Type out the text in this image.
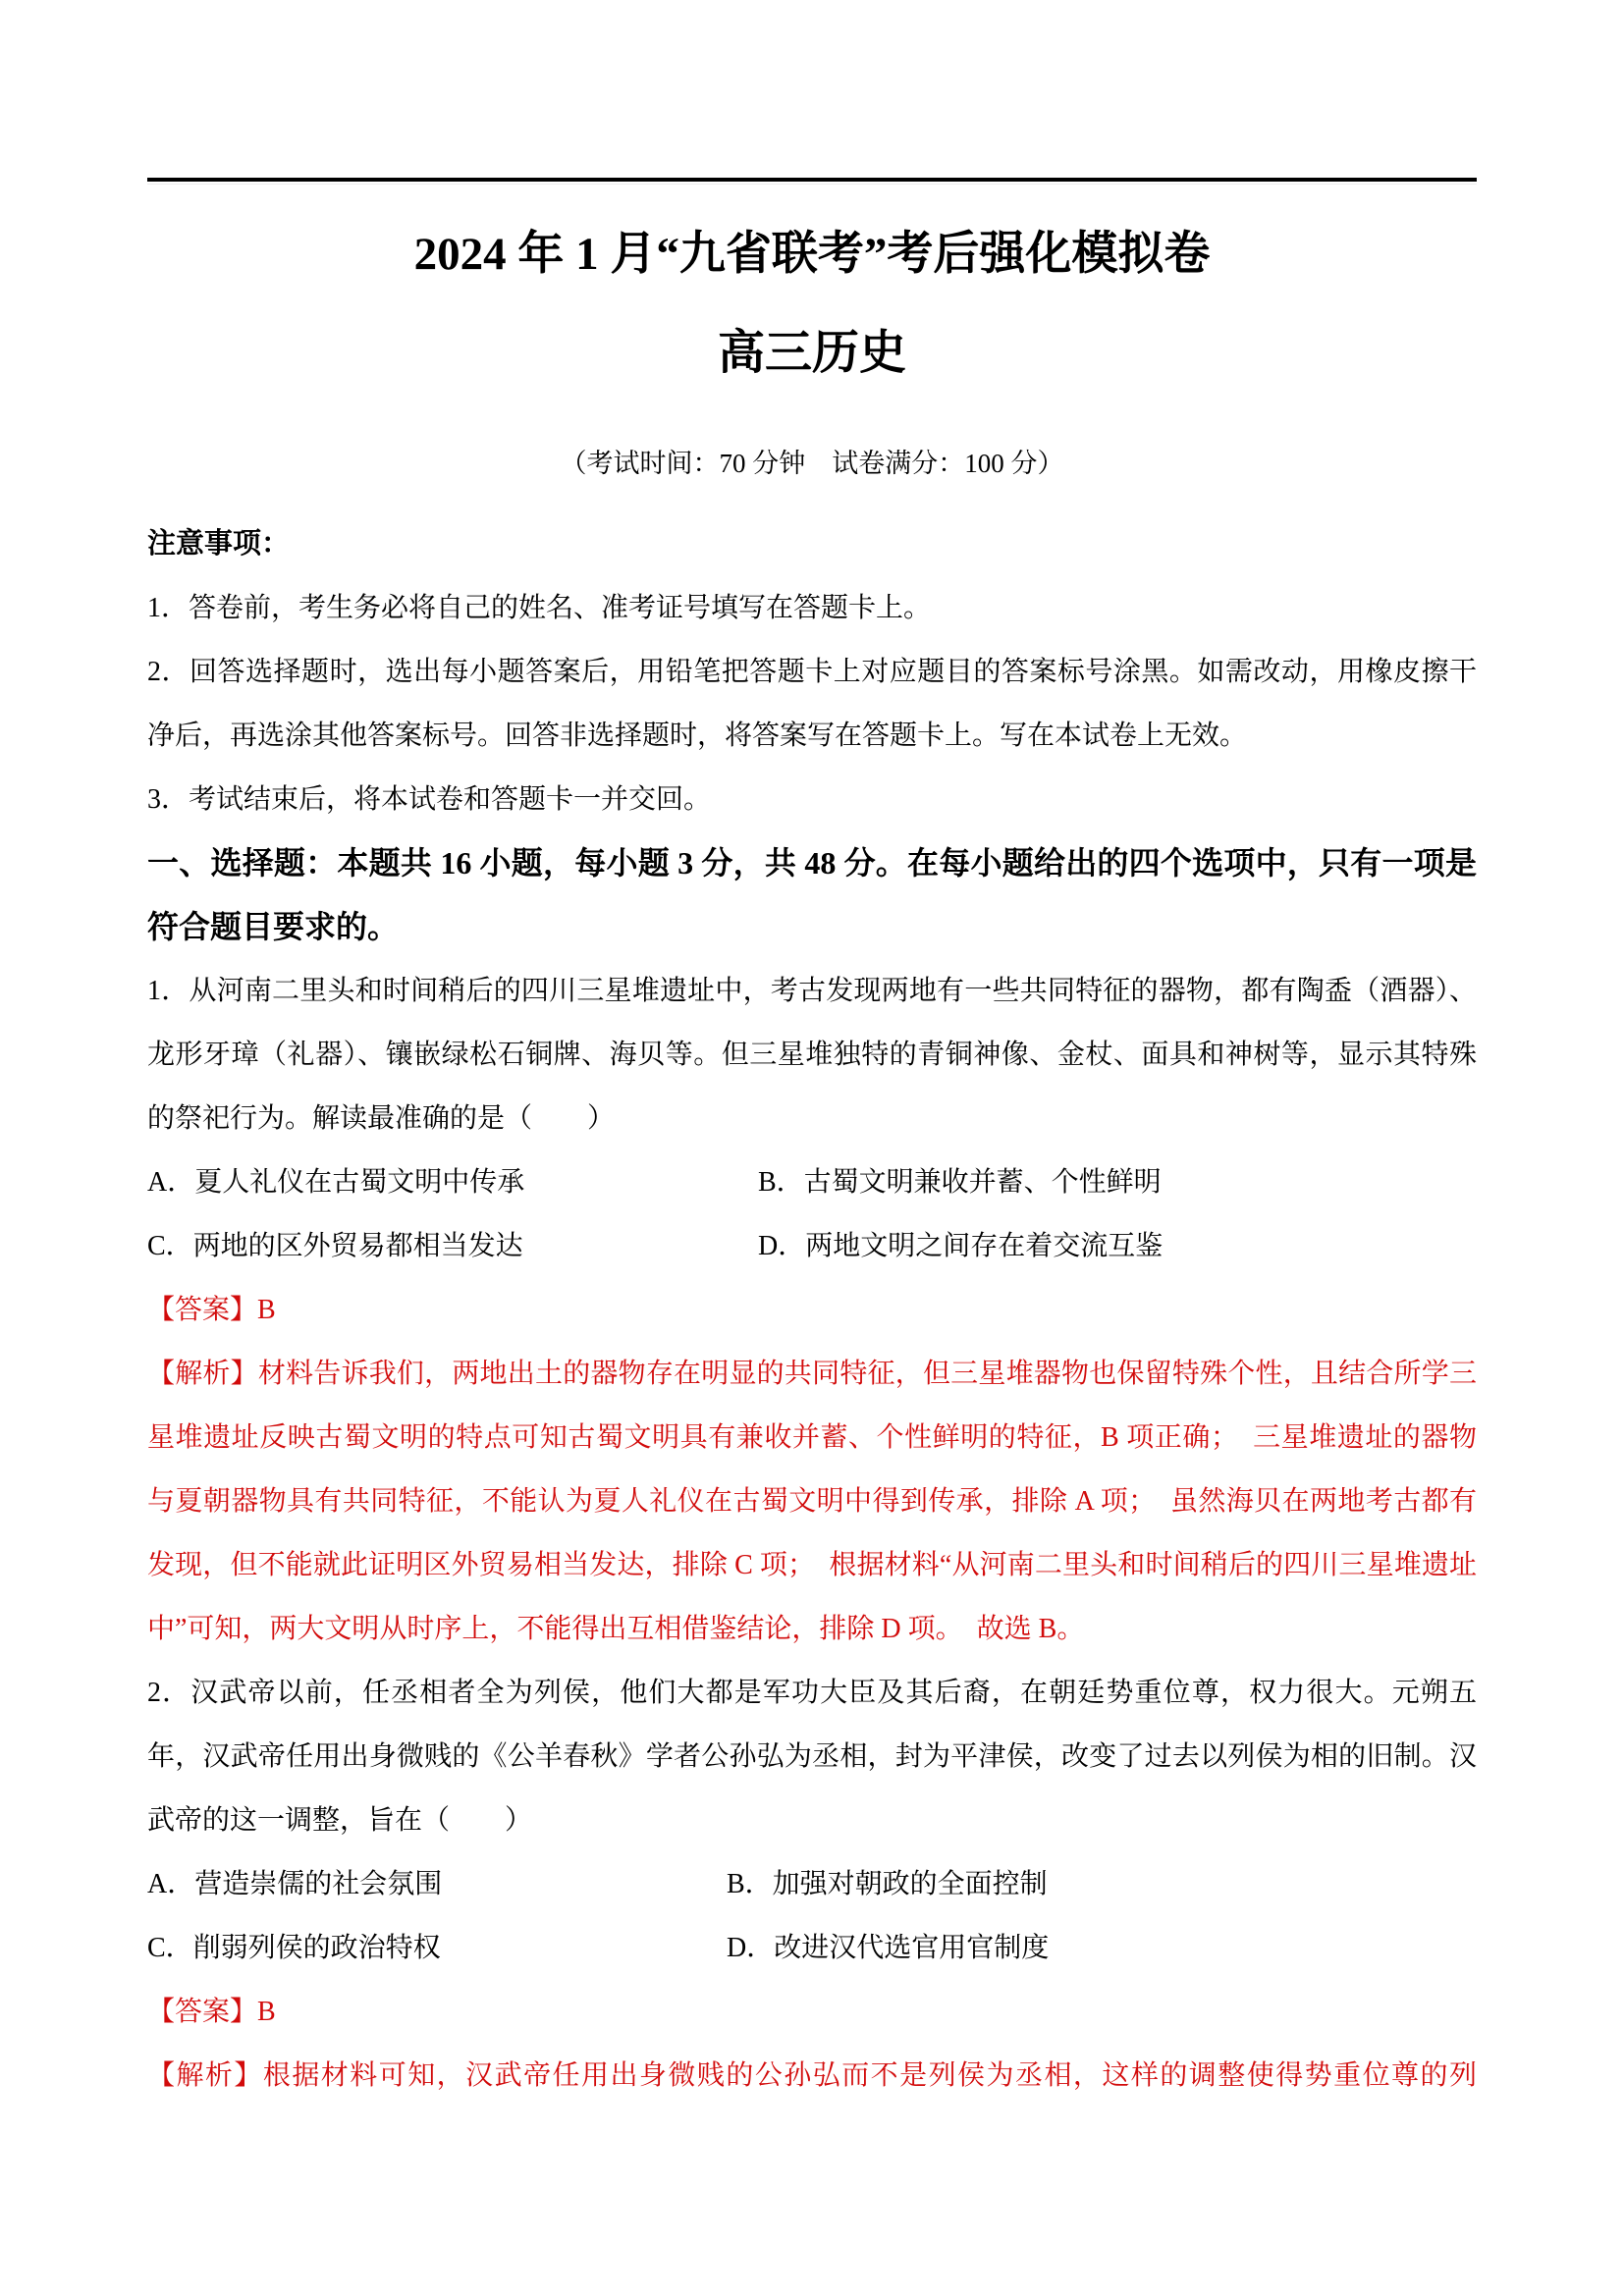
2024 年 1 月“九省联考”考后强化模拟卷
高三历史

（考试时间：70 分钟　试卷满分：100 分）

注意事项：

1．答卷前，考生务必将自己的姓名、准考证号填写在答题卡上。

2．回答选择题时，选出每小题答案后，用铅笔把答题卡上对应题目的答案标号涂黑。如需改动，用橡皮擦干净后，再选涂其他答案标号。回答非选择题时，将答案写在答题卡上。写在本试卷上无效。

3．考试结束后，将本试卷和答题卡一并交回。

一、选择题：本题共 16 小题，每小题 3 分，共 48 分。在每小题给出的四个选项中，只有一项是符合题目要求的。

1．从河南二里头和时间稍后的四川三星堆遗址中，考古发现两地有一些共同特征的器物，都有陶盉（酒器）、龙形牙璋（礼器）、镶嵌绿松石铜牌、海贝等。但三星堆独特的青铜神像、金杖、面具和神树等，显示其特殊的祭祀行为。解读最准确的是（　　）

A．夏人礼仪在古蜀文明中传承	B．古蜀文明兼收并蓄、个性鲜明
C．两地的区外贸易都相当发达	D．两地文明之间存在着交流互鉴

【答案】B

【解析】材料告诉我们，两地出土的器物存在明显的共同特征，但三星堆器物也保留特殊个性，且结合所学三星堆遗址反映古蜀文明的特点可知古蜀文明具有兼收并蓄、个性鲜明的特征，B 项正确；　三星堆遗址的器物与夏朝器物具有共同特征，不能认为夏人礼仪在古蜀文明中得到传承，排除 A 项；　虽然海贝在两地考古都有发现，但不能就此证明区外贸易相当发达，排除 C 项；　根据材料“从河南二里头和时间稍后的四川三星堆遗址中”可知，两大文明从时序上，不能得出互相借鉴结论，排除 D 项。　故选 B。

2．汉武帝以前，任丞相者全为列侯，他们大都是军功大臣及其后裔，在朝廷势重位尊，权力很大。元朔五年，汉武帝任用出身微贱的《公羊春秋》学者公孙弘为丞相，封为平津侯，改变了过去以列侯为相的旧制。汉武帝的这一调整，旨在（　　）

A．营造崇儒的社会氛围	B．加强对朝政的全面控制
C．削弱列侯的政治特权	D．改进汉代选官用官制度

【答案】B

【解析】根据材料可知，汉武帝任用出身微贱的公孙弘而不是列侯为丞相，这样的调整使得势重位尊的列
